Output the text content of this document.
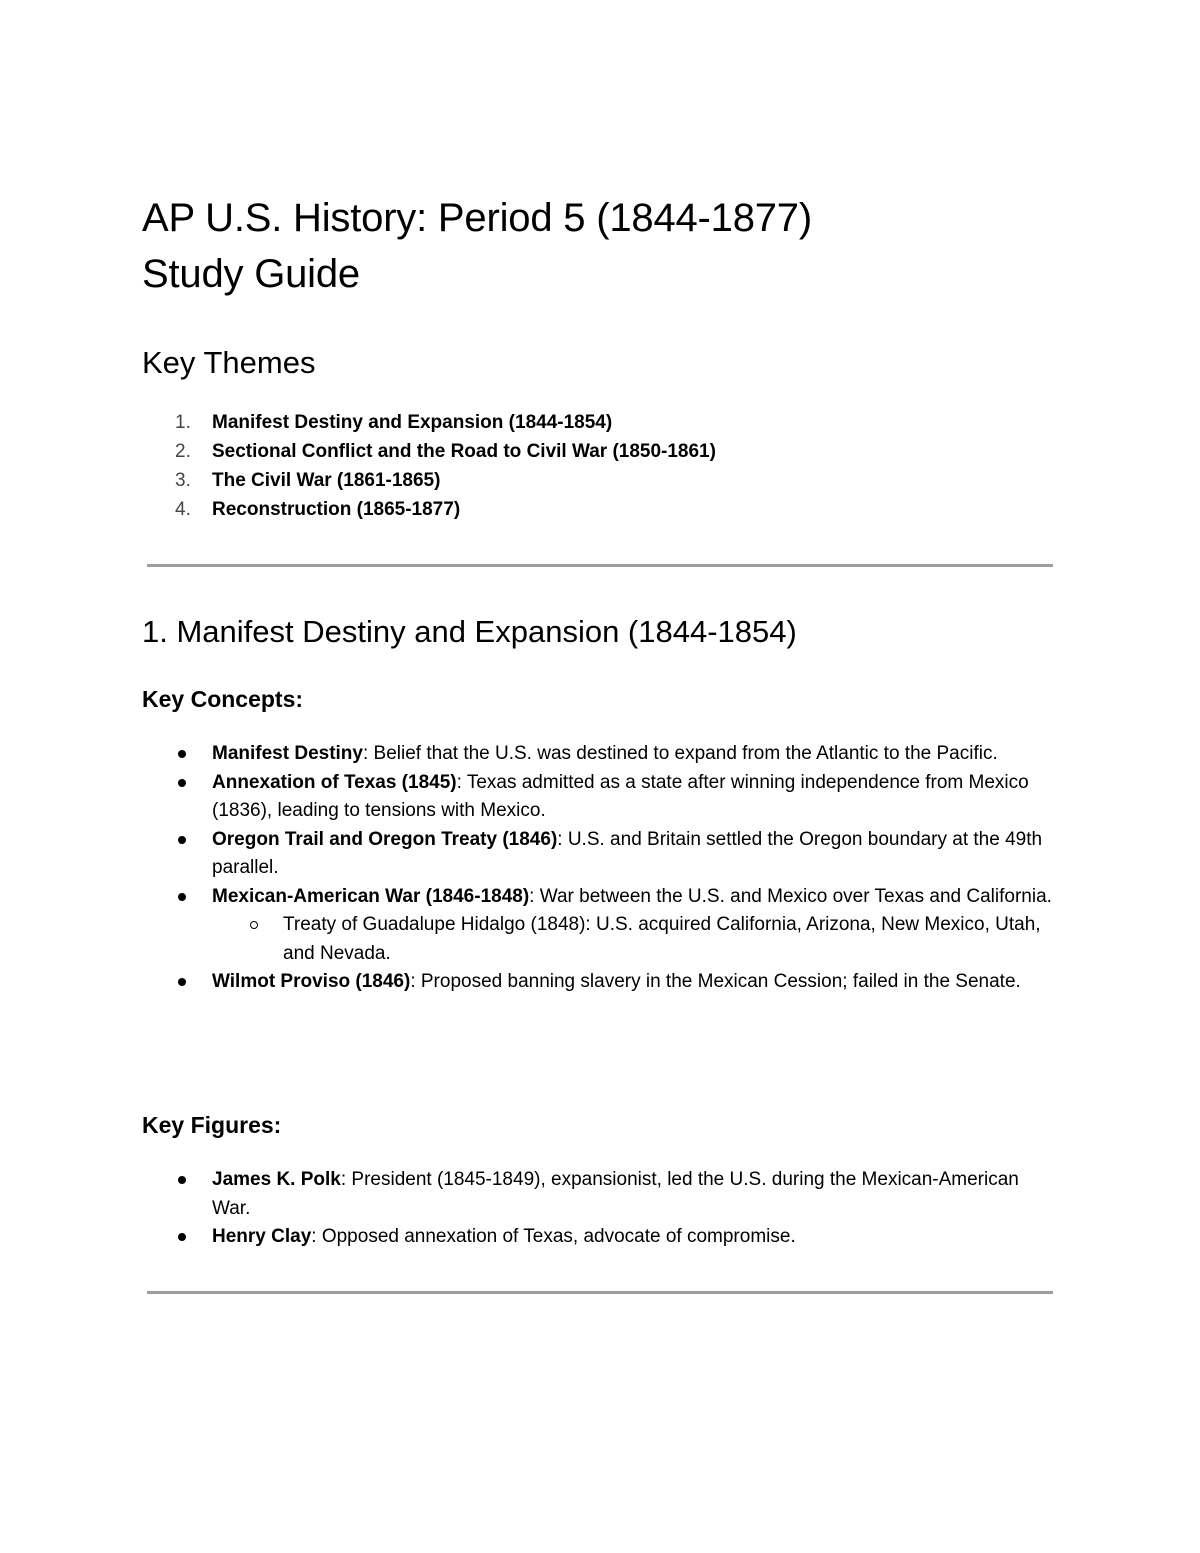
AP U.S. History: Period 5 (1844-1877)
Study Guide
Key Themes
1. Manifest Destiny and Expansion (1844-1854)
2. Sectional Conflict and the Road to Civil War (1850-1861)
3. The Civil War (1861-1865)
4. Reconstruction (1865-1877)
1. Manifest Destiny and Expansion (1844-1854)
Key Concepts:
Manifest Destiny: Belief that the U.S. was destined to expand from the Atlantic to the Pacific.
Annexation of Texas (1845): Texas admitted as a state after winning independence from Mexico (1836), leading to tensions with Mexico.
Oregon Trail and Oregon Treaty (1846): U.S. and Britain settled the Oregon boundary at the 49th parallel.
Mexican-American War (1846-1848): War between the U.S. and Mexico over Texas and California.
Treaty of Guadalupe Hidalgo (1848): U.S. acquired California, Arizona, New Mexico, Utah, and Nevada.
Wilmot Proviso (1846): Proposed banning slavery in the Mexican Cession; failed in the Senate.
Key Figures:
James K. Polk: President (1845-1849), expansionist, led the U.S. during the Mexican-American War.
Henry Clay: Opposed annexation of Texas, advocate of compromise.
